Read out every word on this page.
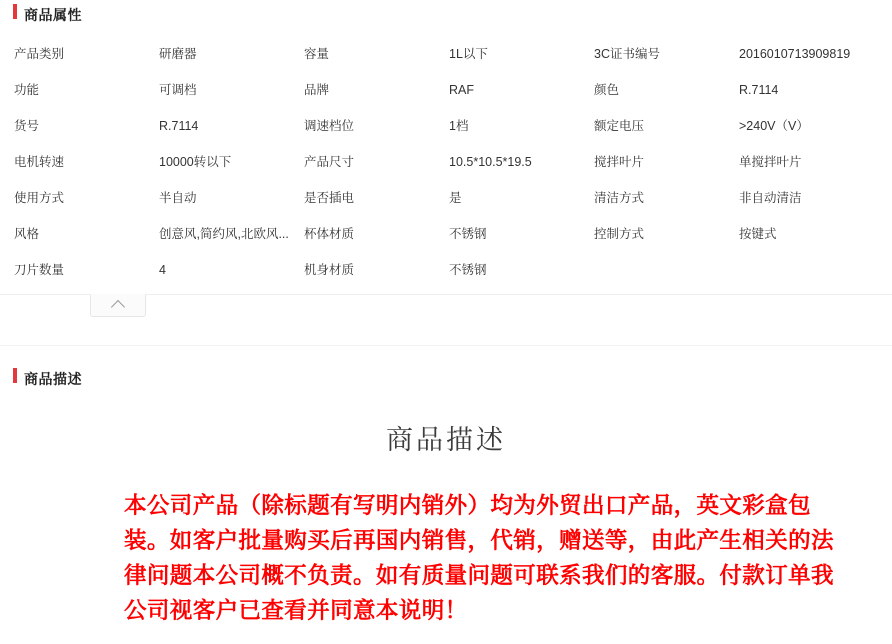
商品属性
产品类别	研磨器	容量	1L以下	3C证书编号	2016010713909819
功能	可调档	品牌	RAF	颜色	R.7114
货号	R.7114	调速档位	1档	额定电压	>240V（V）
电机转速	10000转以下	产品尺寸	10.5*10.5*19.5	搅拌叶片	单搅拌叶片
使用方式	半自动	是否插电	是	清洁方式	非自动清洁
风格	创意风,简约风,北欧风...	杯体材质	不锈钢	控制方式	按键式
刀片数量	4	机身材质	不锈钢		
商品描述
商品描述
本公司产品（除标题有写明内销外）均为外贸出口产品，英文彩盒包装。如客户批量购买后再国内销售，代销，赠送等，由此产生相关的法律问题本公司概不负责。如有质量问题可联系我们的客服。付款订单我公司视客户已查看并同意本说明！
